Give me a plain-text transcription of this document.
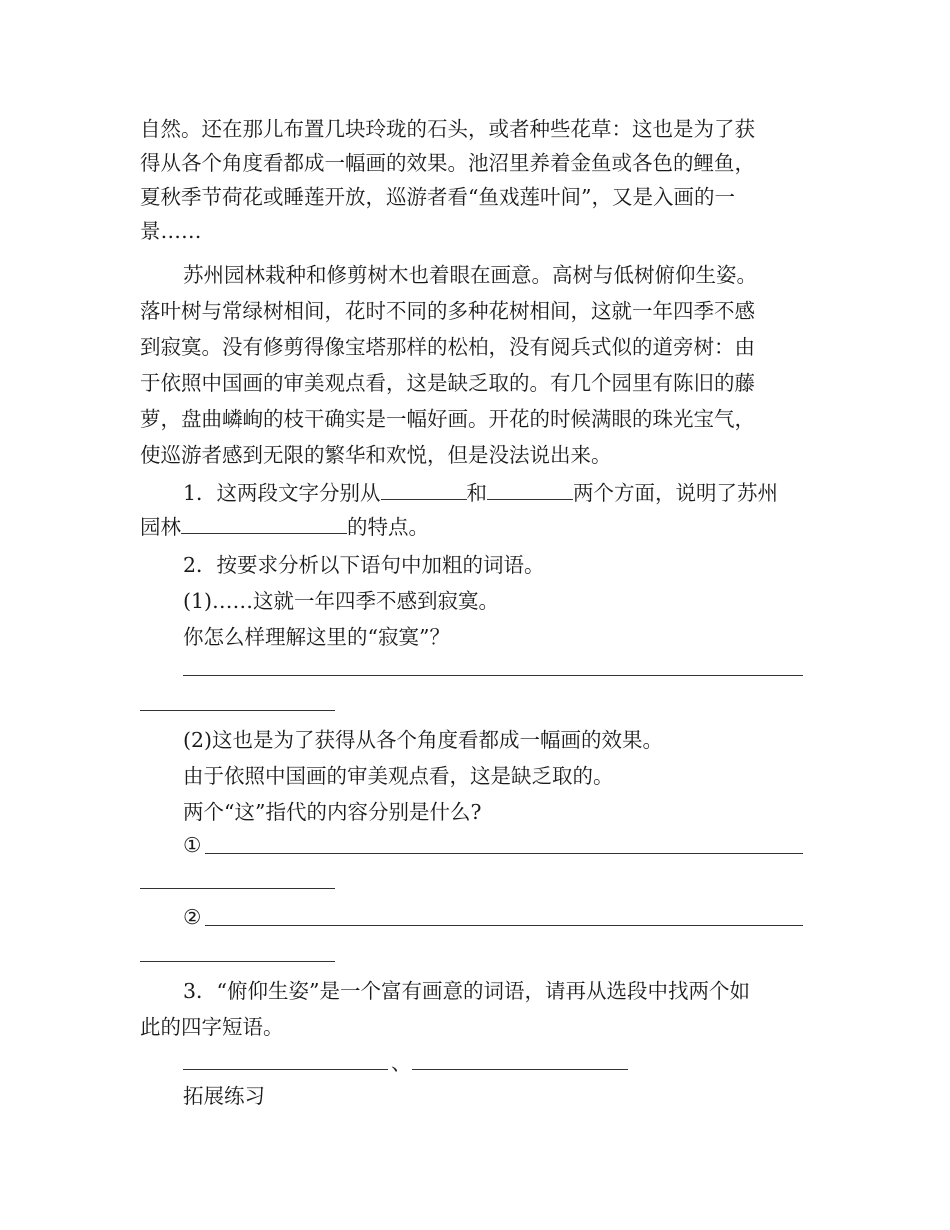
自然。还在那儿布置几块玲珑的石头，或者种些花草：这也是为了获
得从各个角度看都成一幅画的效果。池沼里养着金鱼或各色的鲤鱼，
夏秋季节荷花或睡莲开放，巡游者看“鱼戏莲叶间”，又是入画的一
景……
苏州园林栽种和修剪树木也着眼在画意。高树与低树俯仰生姿。
落叶树与常绿树相间，花时不同的多种花树相间，这就一年四季不感
到寂寞。没有修剪得像宝塔那样的松柏，没有阅兵式似的道旁树：由
于依照中国画的审美观点看，这是缺乏取的。有几个园里有陈旧的藤
萝，盘曲嶙峋的枝干确实是一幅好画。开花的时候满眼的珠光宝气，
使巡游者感到无限的繁华和欢悦，但是没法说出来。
1．这两段文字分别从	和	两个方面，说明了苏州
园林	的特点。
2．按要求分析以下语句中加粗的词语。
(1)……这就一年四季不感到寂寞。
你怎么样理解这里的“寂寞”？
(2)这也是为了获得从各个角度看都成一幅画的效果。
由于依照中国画的审美观点看，这是缺乏取的。
两个“这”指代的内容分别是什么?
①
②
3．“俯仰生姿”是一个富有画意的词语，请再从选段中找两个如
此的四字短语。
、
拓展练习
